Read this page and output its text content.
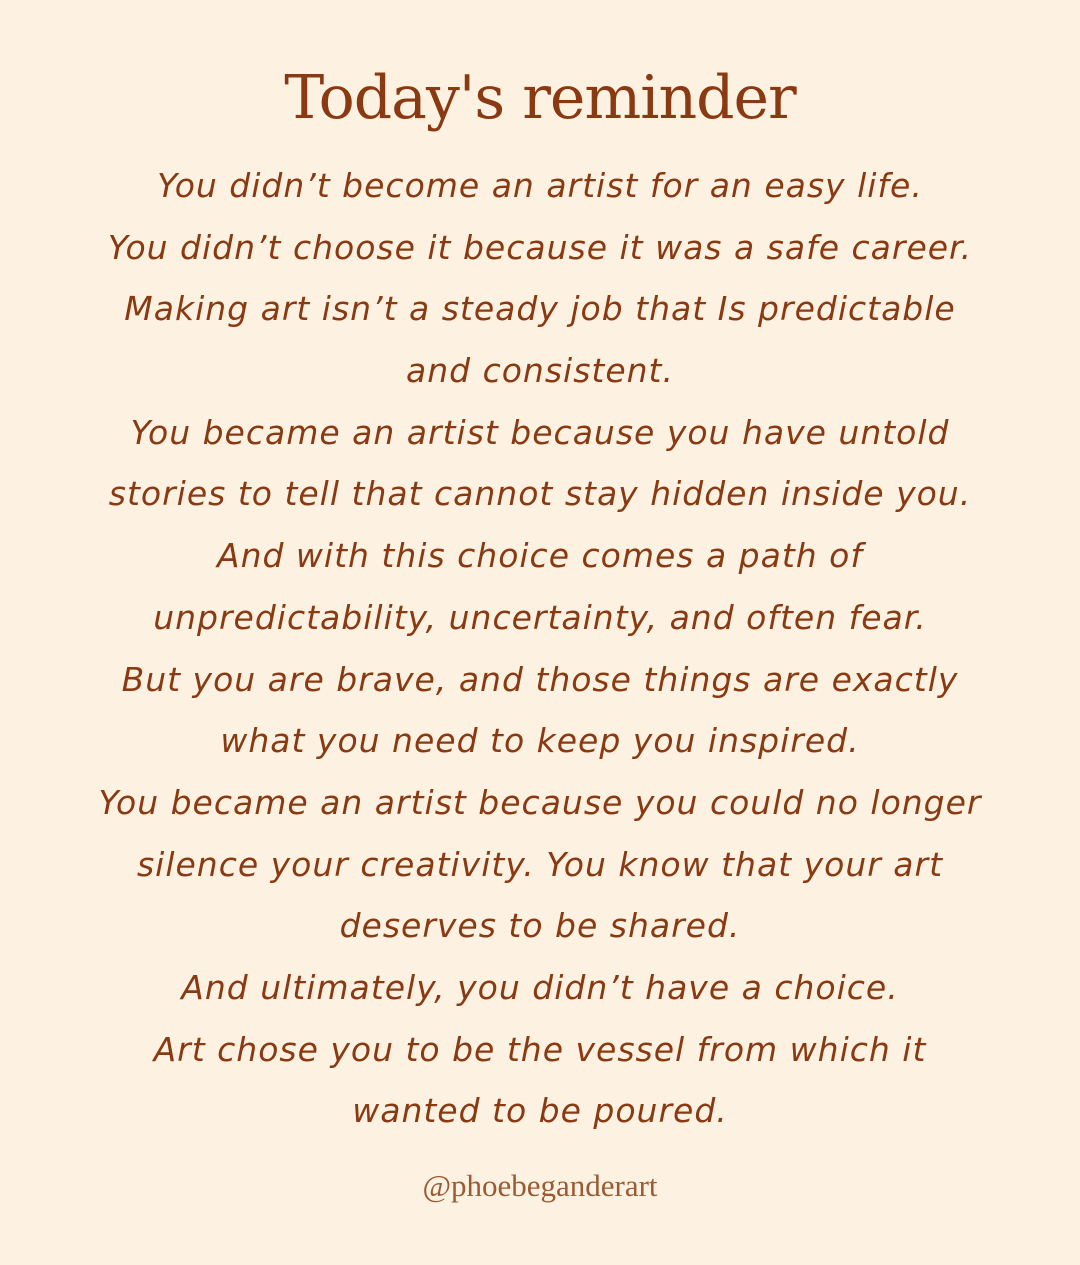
Today's reminder
You didn’t become an artist for an easy life.
You didn’t choose it because it was a safe career.
Making art isn’t a steady job that Is predictable
and consistent.
You became an artist because you have untold
stories to tell that cannot stay hidden inside you.
And with this choice comes a path of
unpredictability, uncertainty, and often fear.
But you are brave, and those things are exactly
what you need to keep you inspired.
You became an artist because you could no longer
silence your creativity. You know that your art
deserves to be shared.
And ultimately, you didn’t have a choice.
Art chose you to be the vessel from which it
wanted to be poured.
@phoebeganderart
